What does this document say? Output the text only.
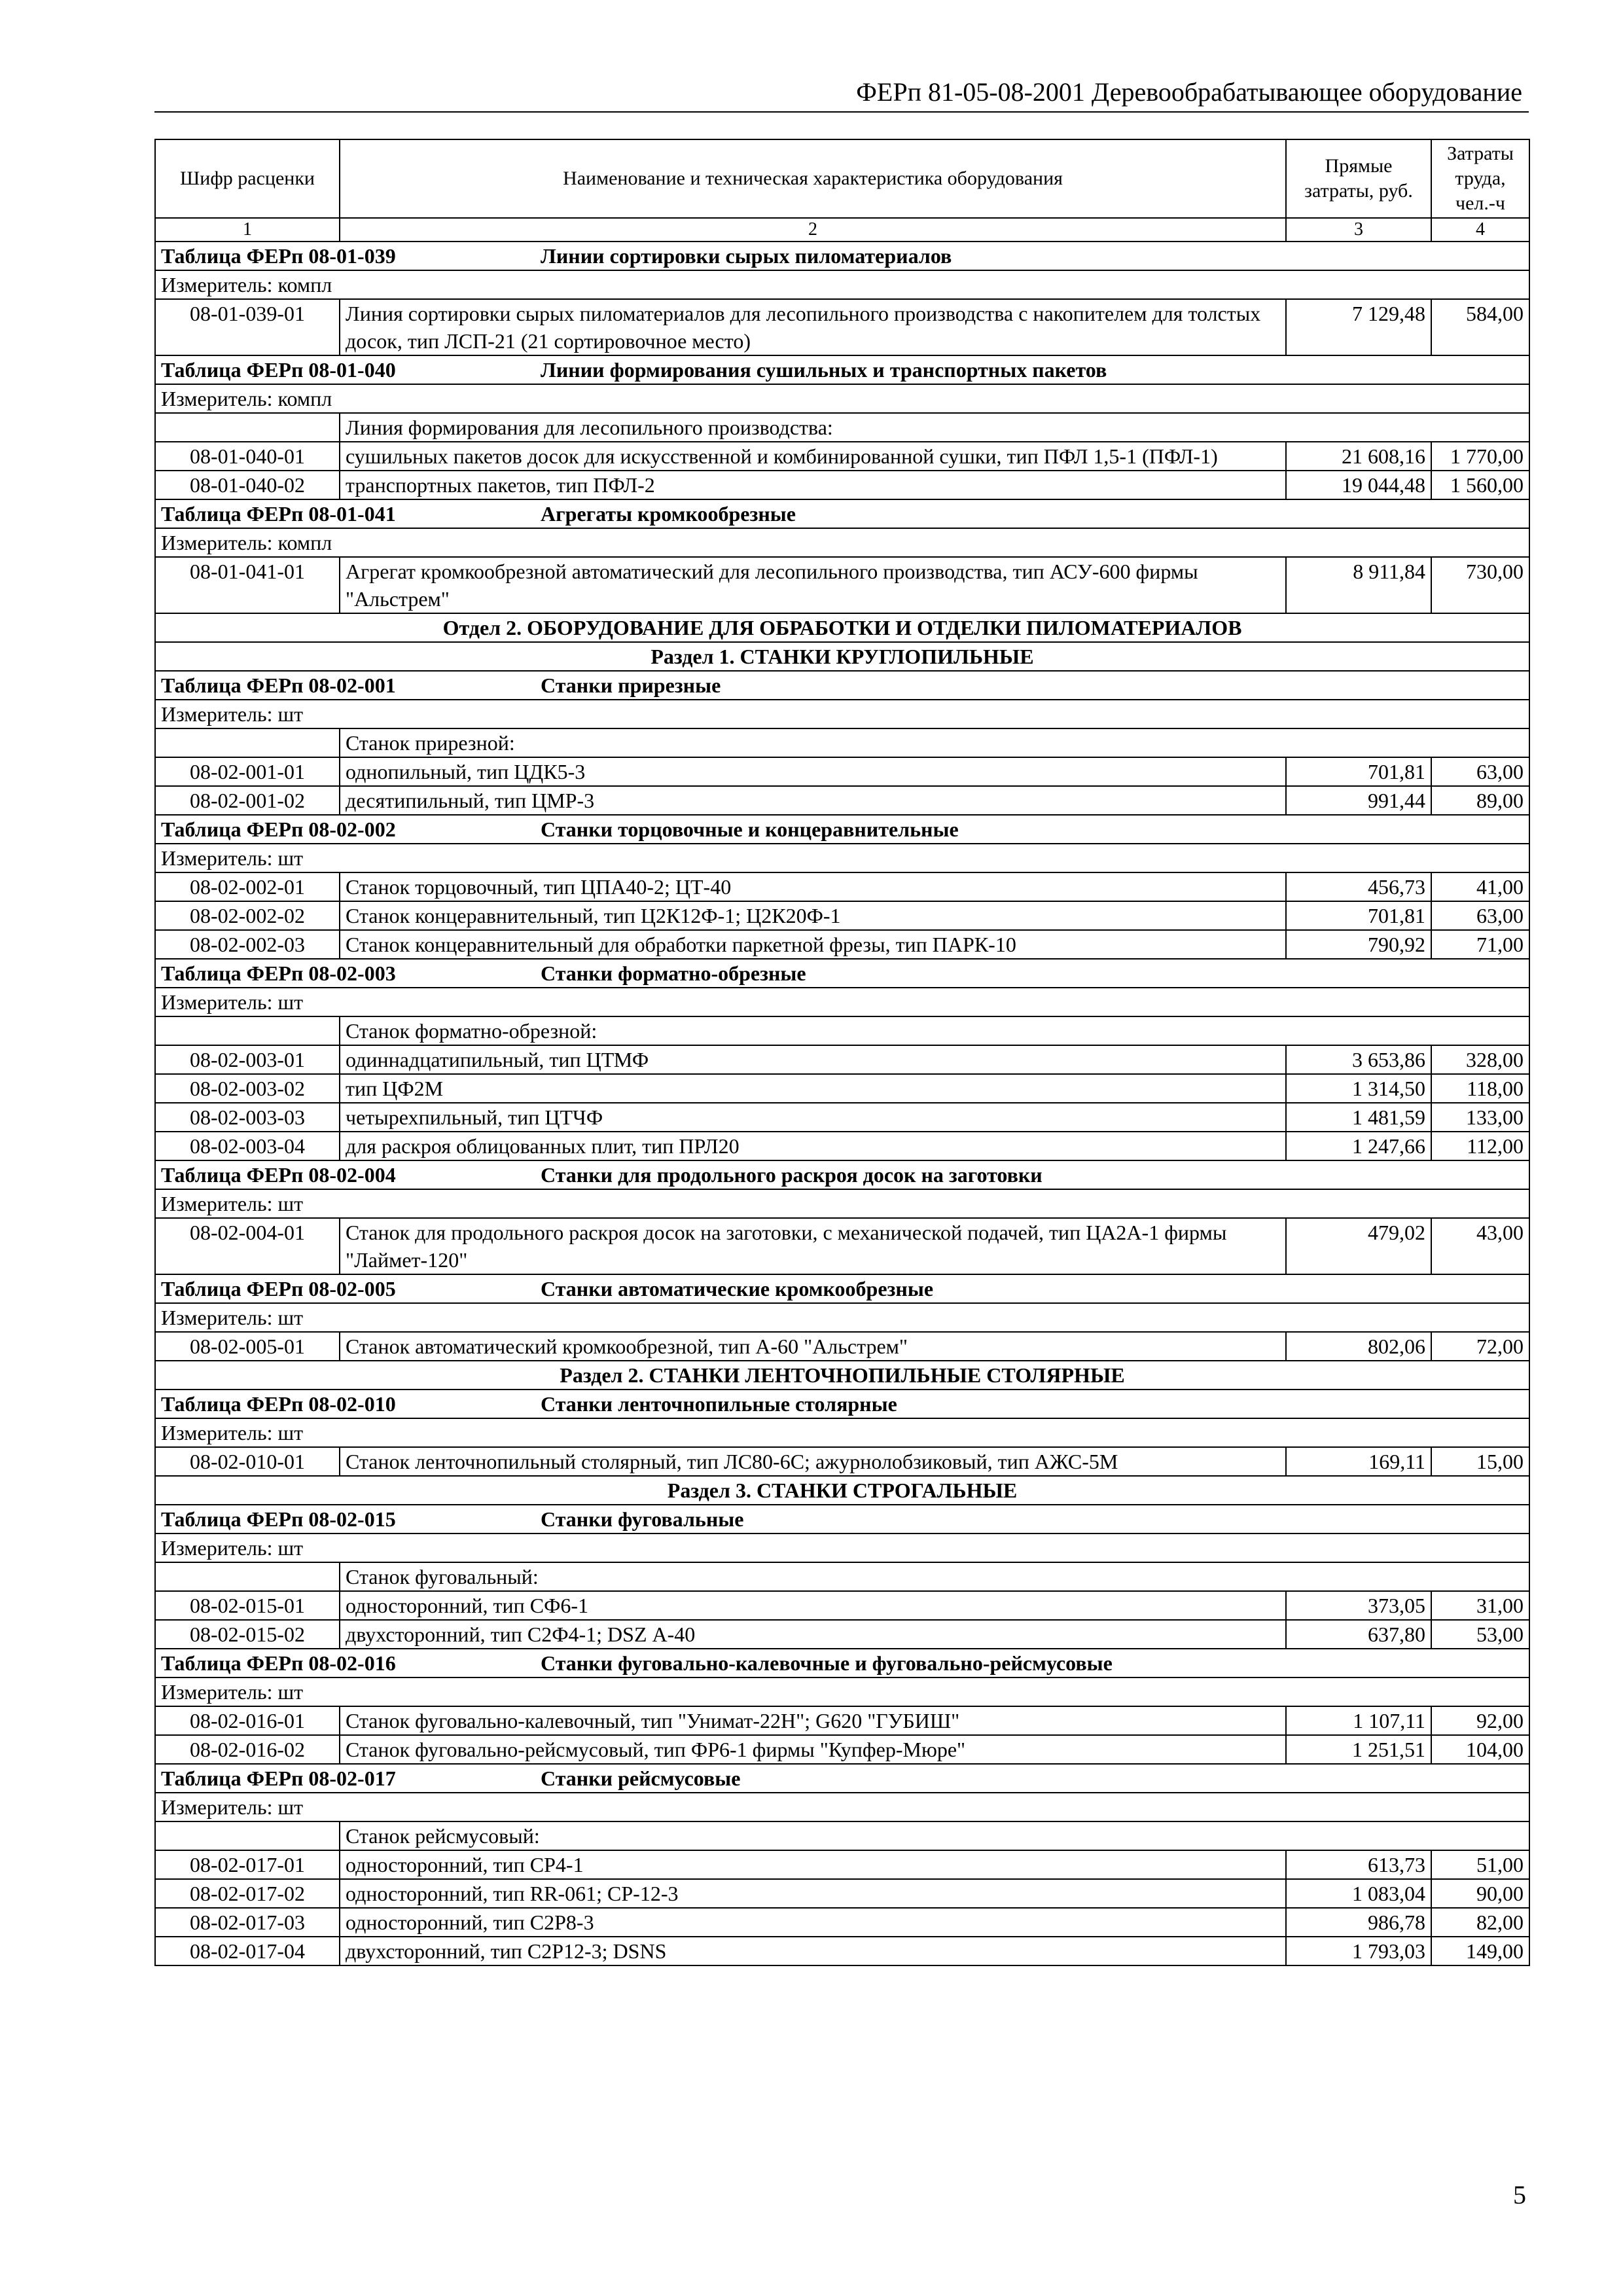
ФЕРп 81-05-08-2001 Деревообрабатывающее оборудование
Шифр расценки	Наименование и техническая характеристика оборудования	Прямые затраты, руб.	Затраты труда, чел.-ч
1	2	3	4
Таблица ФЕРп 08-01-039 Линии сортировки сырых пиломатериалов			
Измеритель: компл			
08-01-039-01	Линия сортировки сырых пиломатериалов для лесопильного производства с накопителем для толстых досок, тип ЛСП-21 (21 сортировочное место)	7 129,48	584,00
Таблица ФЕРп 08-01-040 Линии формирования сушильных и транспортных пакетов			
Измеритель: компл			
	Линия формирования для лесопильного производства:		
08-01-040-01	сушильных пакетов досок для искусственной и комбинированной сушки, тип ПФЛ 1,5-1 (ПФЛ-1)	21 608,16	1 770,00
08-01-040-02	транспортных пакетов, тип ПФЛ-2	19 044,48	1 560,00
Таблица ФЕРп 08-01-041 Агрегаты кромкообрезные			
Измеритель: компл			
08-01-041-01	Агрегат кромкообрезной автоматический для лесопильного производства, тип АСУ-600 фирмы "Альстрем"	8 911,84	730,00
Отдел 2. ОБОРУДОВАНИЕ ДЛЯ ОБРАБОТКИ И ОТДЕЛКИ ПИЛОМАТЕРИАЛОВ			
Раздел 1. СТАНКИ КРУГЛОПИЛЬНЫЕ			
Таблица ФЕРп 08-02-001 Станки прирезные			
Измеритель: шт			
	Станок прирезной:		
08-02-001-01	однопильный, тип ЦДК5-3	701,81	63,00
08-02-001-02	десятипильный, тип ЦМР-3	991,44	89,00
Таблица ФЕРп 08-02-002 Станки торцовочные и концеравнительные			
Измеритель: шт			
08-02-002-01	Станок торцовочный, тип ЦПА40-2; ЦТ-40	456,73	41,00
08-02-002-02	Станок концеравнительный, тип Ц2К12Ф-1; Ц2К20Ф-1	701,81	63,00
08-02-002-03	Станок концеравнительный для обработки паркетной фрезы, тип ПАРК-10	790,92	71,00
Таблица ФЕРп 08-02-003 Станки форматно-обрезные			
Измеритель: шт			
	Станок форматно-обрезной:		
08-02-003-01	одиннадцатипильный, тип ЦТМФ	3 653,86	328,00
08-02-003-02	тип ЦФ2М	1 314,50	118,00
08-02-003-03	четырехпильный, тип ЦТЧФ	1 481,59	133,00
08-02-003-04	для раскроя облицованных плит, тип ПРЛ20	1 247,66	112,00
Таблица ФЕРп 08-02-004 Станки для продольного раскроя досок на заготовки			
Измеритель: шт			
08-02-004-01	Станок для продольного раскроя досок на заготовки, с механической подачей, тип ЦА2А-1 фирмы "Лаймет-120"	479,02	43,00
Таблица ФЕРп 08-02-005 Станки автоматические кромкообрезные			
Измеритель: шт			
08-02-005-01	Станок автоматический кромкообрезной, тип А-60 "Альстрем"	802,06	72,00
Раздел 2. СТАНКИ ЛЕНТОЧНОПИЛЬНЫЕ СТОЛЯРНЫЕ			
Таблица ФЕРп 08-02-010 Станки ленточнопильные столярные			
Измеритель: шт			
08-02-010-01	Станок ленточнопильный столярный, тип ЛС80-6С; ажурнолобзиковый, тип АЖС-5М	169,11	15,00
Раздел 3. СТАНКИ СТРОГАЛЬНЫЕ			
Таблица ФЕРп 08-02-015 Станки фуговальные			
Измеритель: шт			
	Станок фуговальный:		
08-02-015-01	односторонний, тип СФ6-1	373,05	31,00
08-02-015-02	двухсторонний, тип С2Ф4-1; DSZ А-40	637,80	53,00
Таблица ФЕРп 08-02-016 Станки фуговально-калевочные и фуговально-рейсмусовые			
Измеритель: шт			
08-02-016-01	Станок фуговально-калевочный, тип "Унимат-22Н"; G620 "ГУБИШ"	1 107,11	92,00
08-02-016-02	Станок фуговально-рейсмусовый, тип ФР6-1 фирмы "Купфер-Мюре"	1 251,51	104,00
Таблица ФЕРп 08-02-017 Станки рейсмусовые			
Измеритель: шт			
	Станок рейсмусовый:		
08-02-017-01	односторонний, тип СР4-1	613,73	51,00
08-02-017-02	односторонний, тип RR-061; СР-12-3	1 083,04	90,00
08-02-017-03	односторонний, тип С2Р8-3	986,78	82,00
08-02-017-04	двухсторонний, тип С2Р12-3; DSNS	1 793,03	149,00
5
